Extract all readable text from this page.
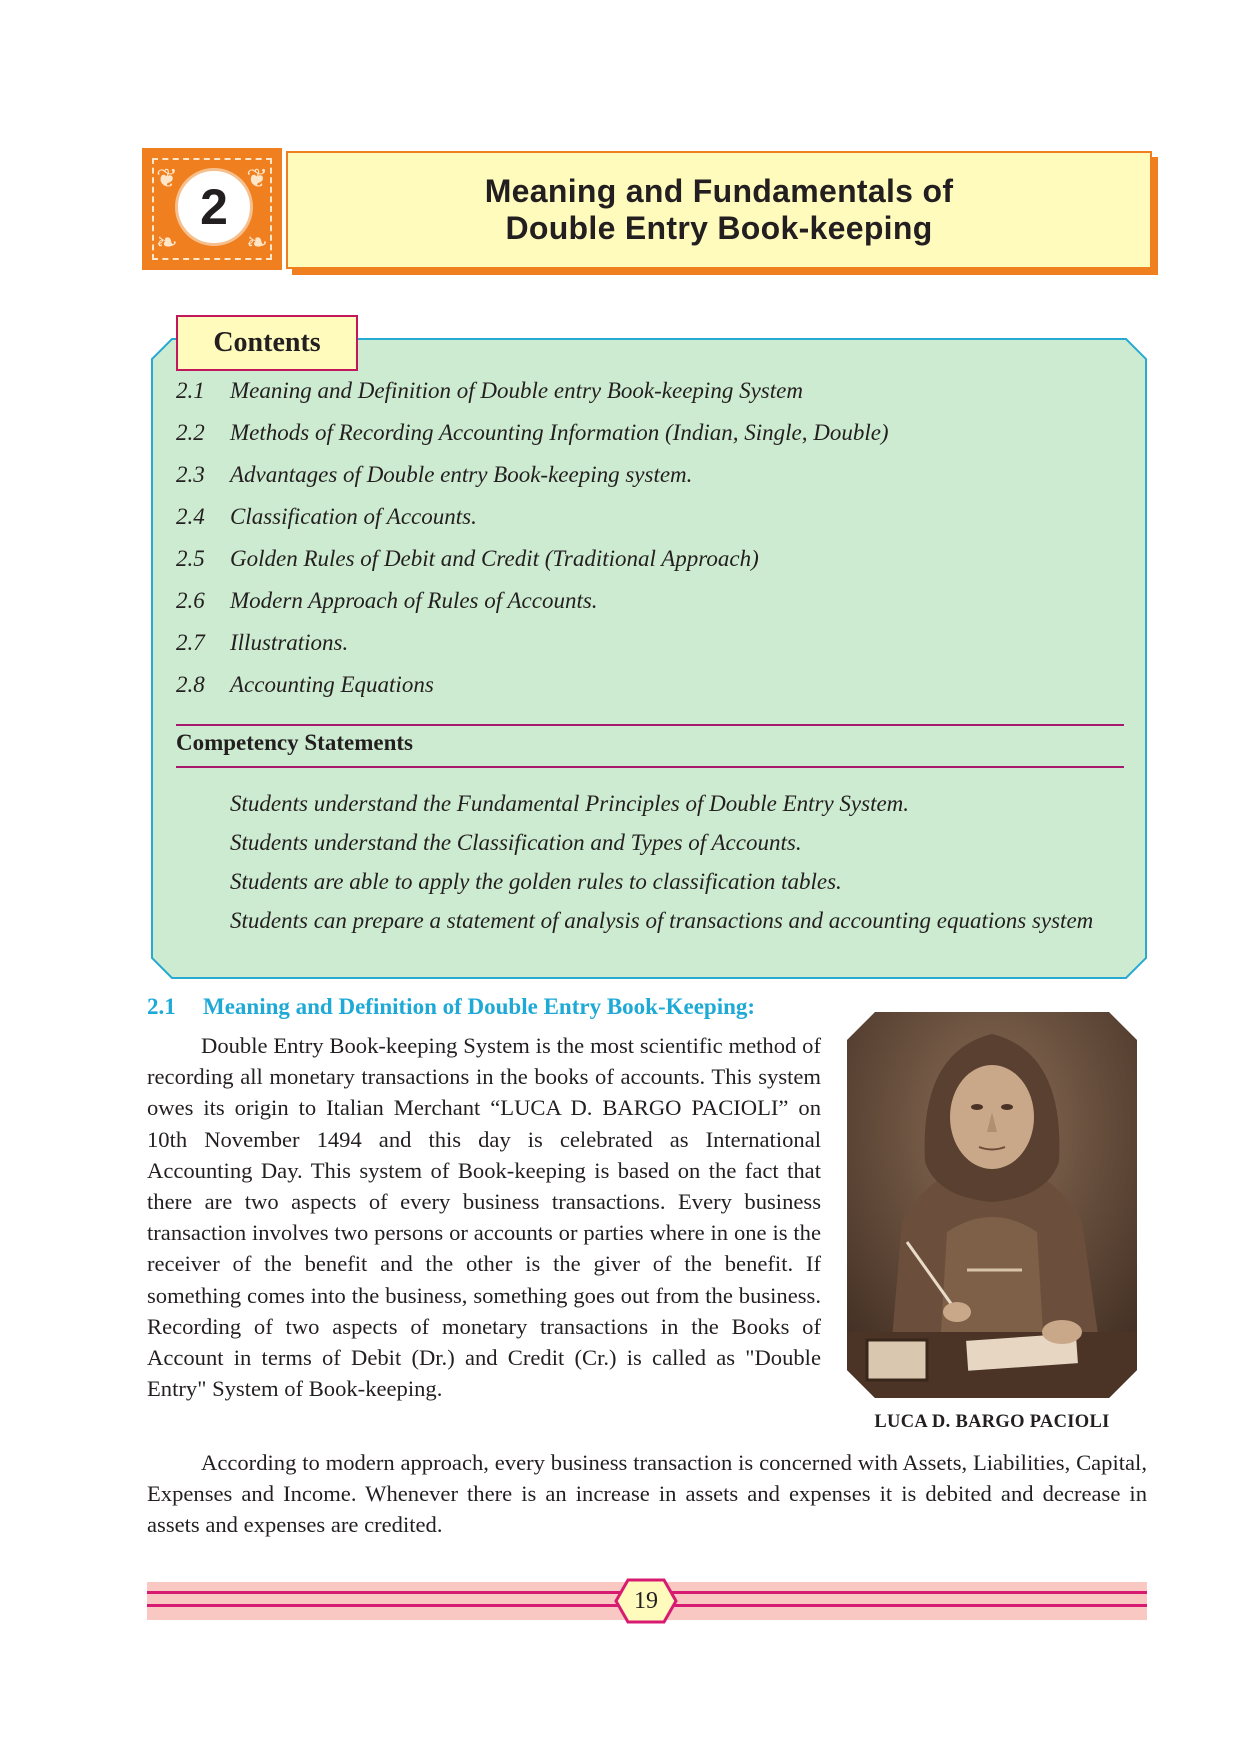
❦	❦
❧	❧
2	Meaning and Fundamentals of
Double Entry Book-keeping
Contents
2.1	Meaning and Definition of Double entry Book-keeping System
2.2	Methods of Recording Accounting Information (Indian, Single, Double)
2.3	Advantages of Double entry Book-keeping system.
2.4	Classification of Accounts.
2.5	Golden Rules of Debit and Credit (Traditional Approach)
2.6	Modern Approach of Rules of Accounts.
2.7	Illustrations.
2.8	Accounting Equations
Competency Statements
Students understand the Fundamental Principles of Double Entry System.
Students understand the Classification and Types of Accounts.
Students are able to apply the golden rules to classification tables.
Students can prepare a statement of analysis of transactions and accounting equations system
2.1 Meaning and Definition of Double Entry Book-Keeping:

Double Entry Book-keeping System is the most scientific method of recording all monetary transactions in the books of accounts. This system owes its origin to Italian Merchant “LUCA D. BARGO PACIOLI” on 10th November 1494 and this day is celebrated as International Accounting Day. This system of Book-keeping is based on the fact that there are two aspects of every business transactions. Every business transaction involves two persons or accounts or parties where in one is the receiver of the benefit and the other is the giver of the benefit. If something comes into the business, something goes out from the business. Recording of two aspects of monetary transactions in the Books of Account in terms of Debit (Dr.) and Credit (Cr.) is called as "Double Entry" System of Book-keeping.

LUCA D. BARGO PACIOLI

According to modern approach, every business transaction is concerned with Assets, Liabilities, Capital, Expenses and Income. Whenever there is an increase in assets and expenses it is debited and decrease in assets and expenses are credited.

19
